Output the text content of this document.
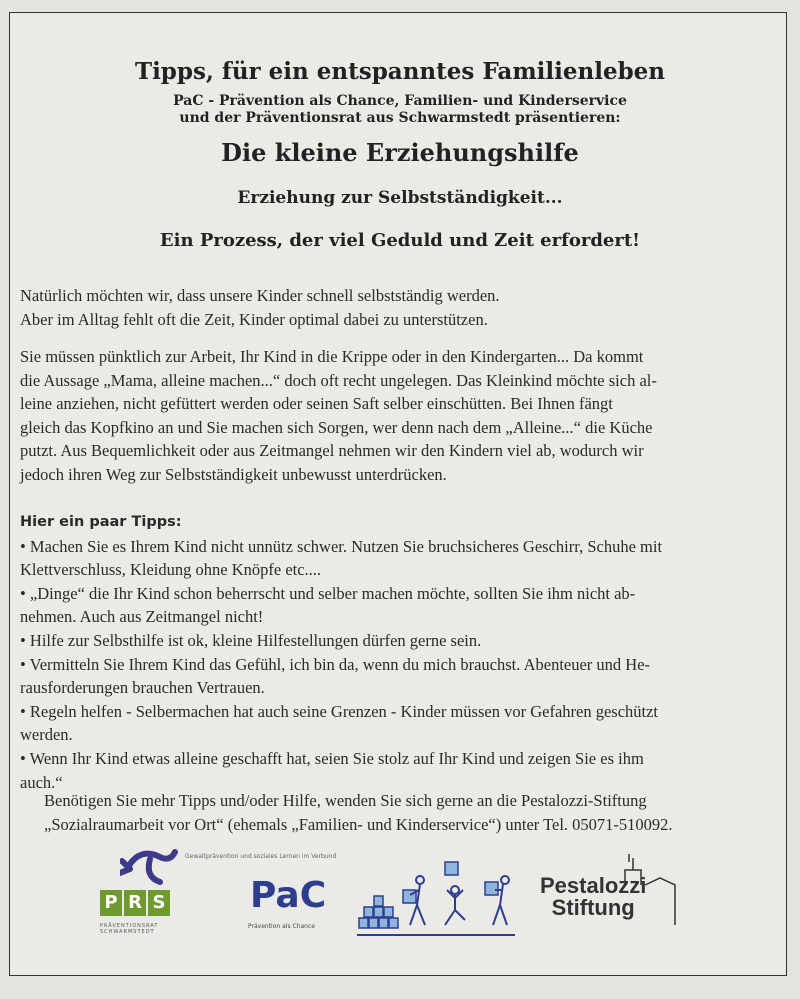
Tipps, für ein entspanntes Familienleben
PaC - Prävention als Chance, Familien- und Kinderservice
und der Präventionsrat aus Schwarmstedt präsentieren:
Die kleine Erziehungshilfe
Erziehung zur Selbstständigkeit...
Ein Prozess, der viel Geduld und Zeit erfordert!
Natürlich möchten wir, dass unsere Kinder schnell selbstständig werden.
Aber im Alltag fehlt oft die Zeit, Kinder optimal dabei zu unterstützen.
Sie müssen pünktlich zur Arbeit, Ihr Kind in die Krippe oder in den Kindergarten... Da kommt
die Aussage „Mama, alleine machen...“ doch oft recht ungelegen. Das Kleinkind möchte sich al-
leine anziehen, nicht gefüttert werden oder seinen Saft selber einschütten. Bei Ihnen fängt
gleich das Kopfkino an und Sie machen sich Sorgen, wer denn nach dem „Alleine...“ die Küche
putzt. Aus Bequemlichkeit oder aus Zeitmangel nehmen wir den Kindern viel ab, wodurch wir
jedoch ihren Weg zur Selbstständigkeit unbewusst unterdrücken.
Hier ein paar Tipps:
• Machen Sie es Ihrem Kind nicht unnütz schwer. Nutzen Sie bruchsicheres Geschirr, Schuhe mit
Klettverschluss, Kleidung ohne Knöpfe etc....
• „Dinge“ die Ihr Kind schon beherrscht und selber machen möchte, sollten Sie ihm nicht ab-
nehmen. Auch aus Zeitmangel nicht!
• Hilfe zur Selbsthilfe ist ok, kleine Hilfestellungen dürfen gerne sein.
• Vermitteln Sie Ihrem Kind das Gefühl, ich bin da, wenn du mich brauchst. Abenteuer und He-
rausforderungen brauchen Vertrauen.
• Regeln helfen - Selbermachen hat auch seine Grenzen - Kinder müssen vor Gefahren geschützt
werden.
• Wenn Ihr Kind etwas alleine geschafft hat, seien Sie stolz auf Ihr Kind und zeigen Sie es ihm
auch.“
Benötigen Sie mehr Tipps und/oder Hilfe, wenden Sie sich gerne an die Pestalozzi-Stiftung
„Sozialraumarbeit vor Ort“ (ehemals „Familien- und Kinderservice“) unter Tel. 05071-510092.
P R S
PRÄVENTIONSRAT SCHWARMSTEDT
Gewaltprävention und soziales Lernen im Verbund
PaC
Prävention als Chance
Pestalozzi
Stiftung
